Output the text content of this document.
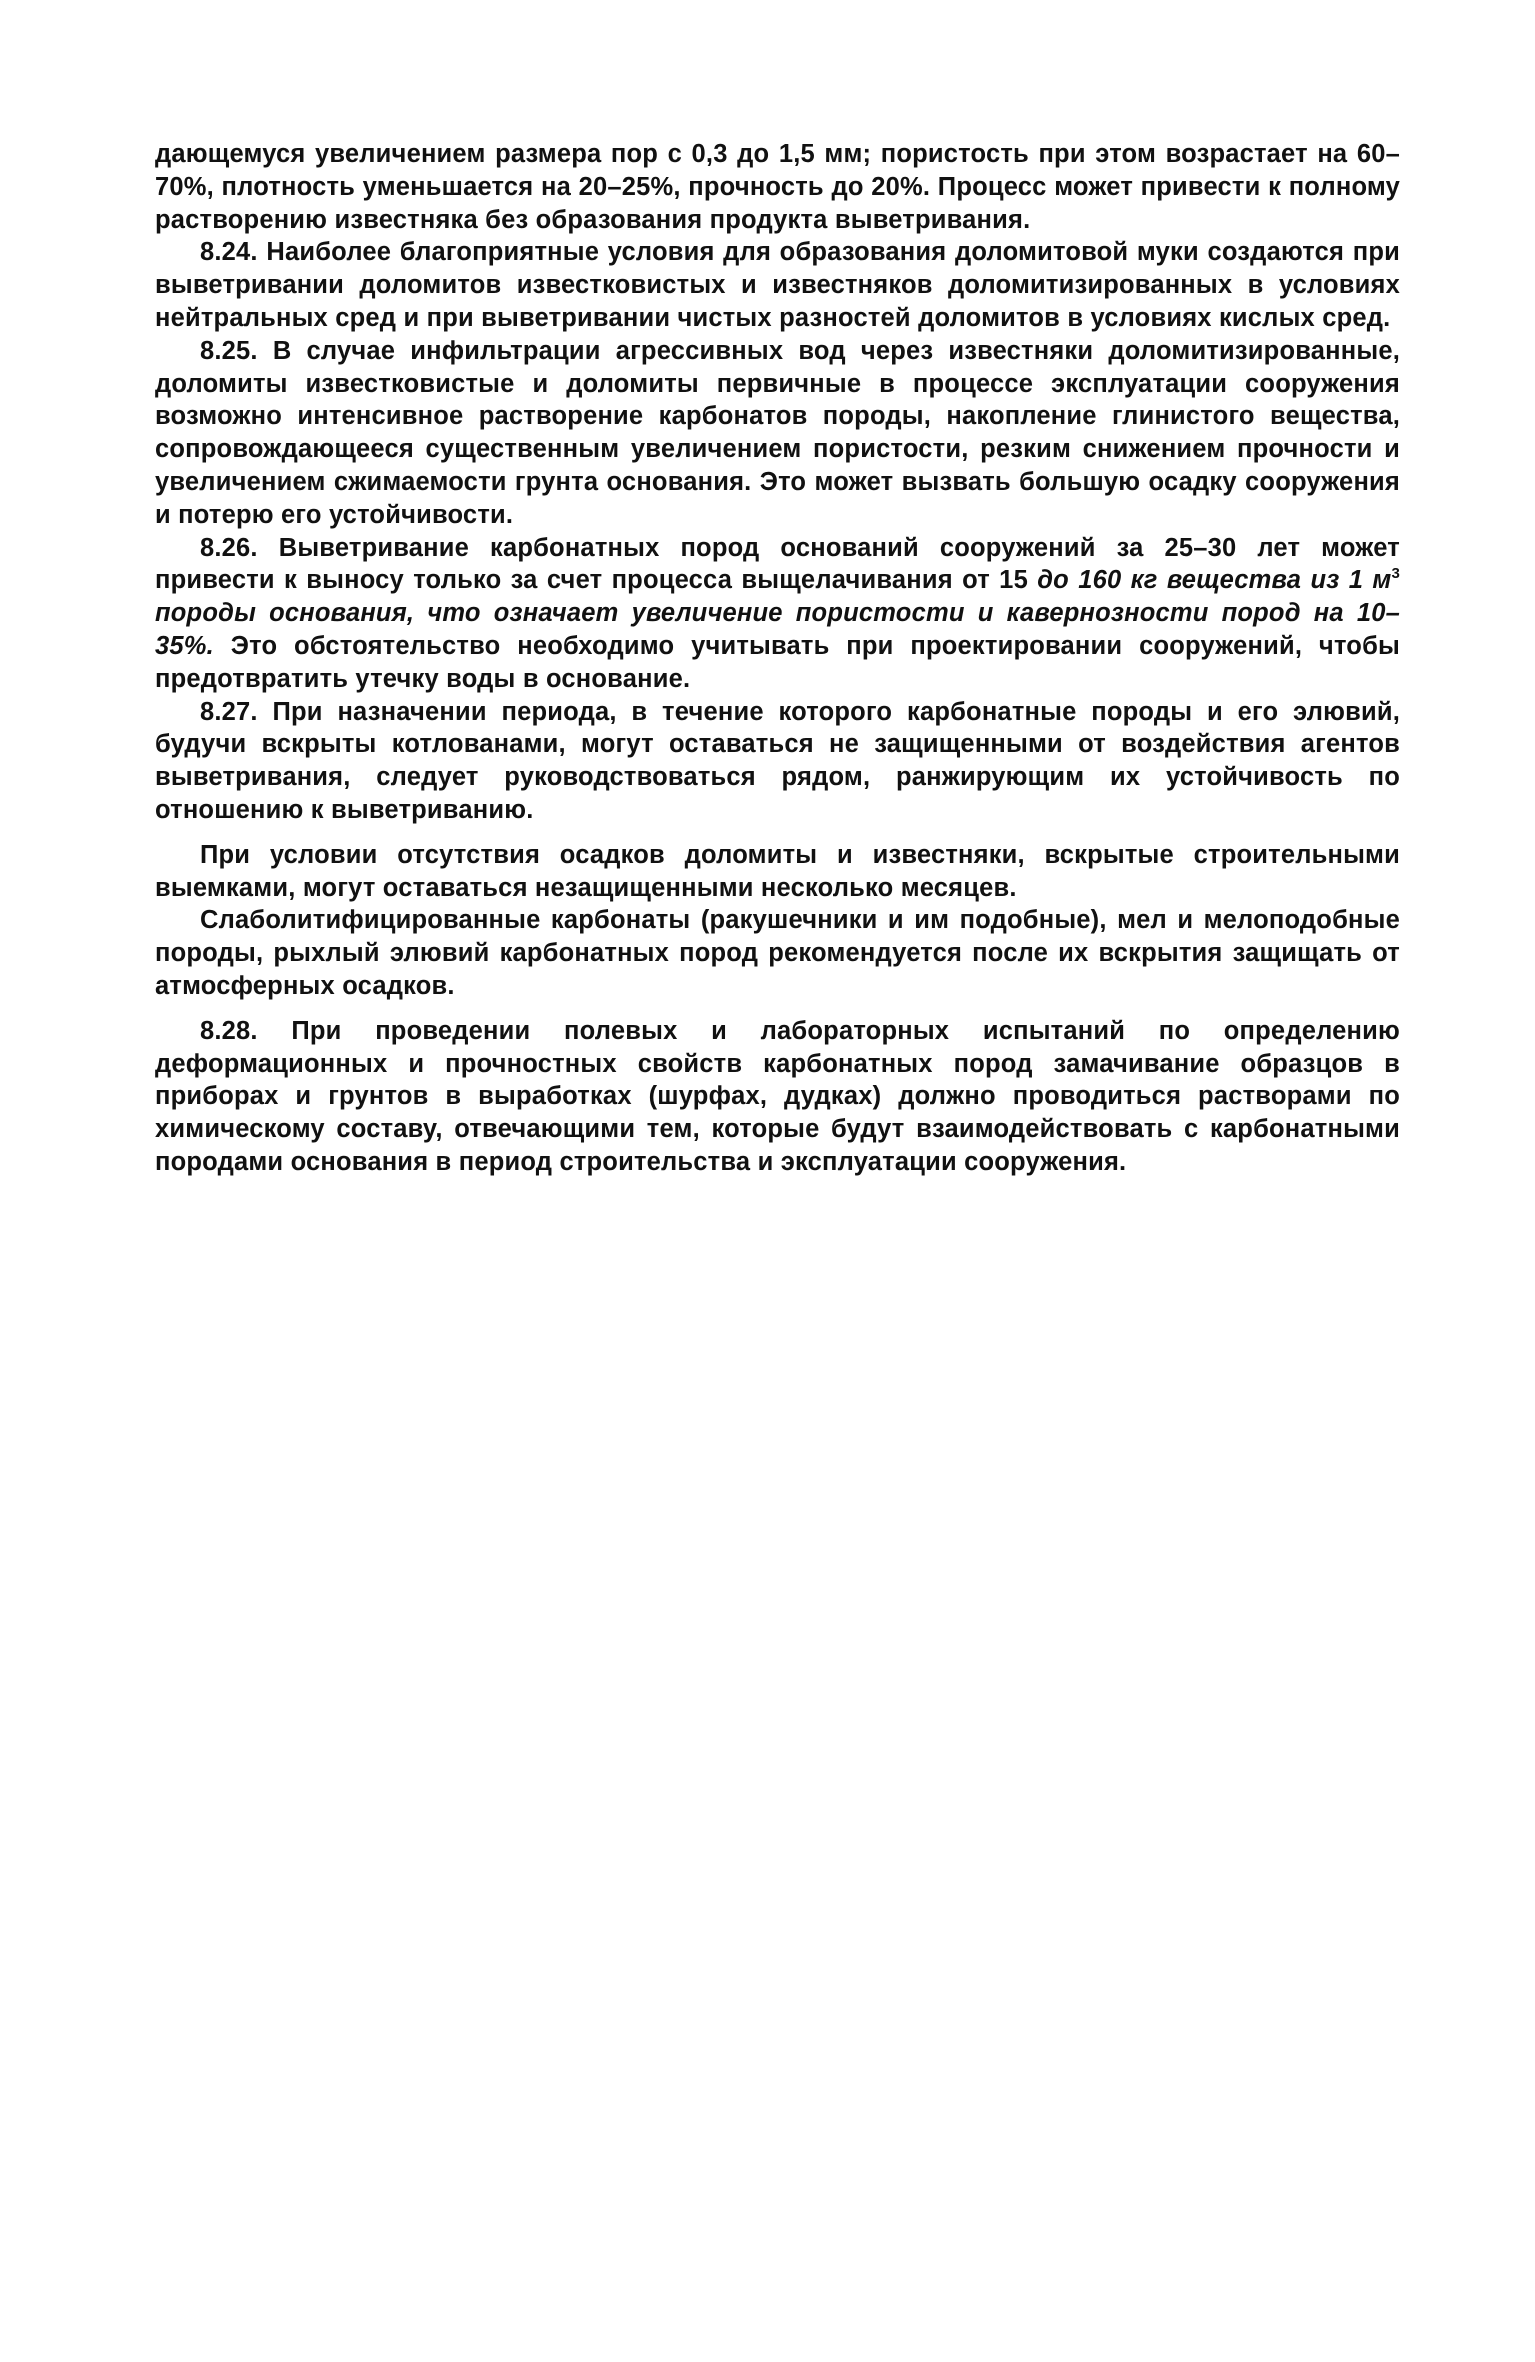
дающемуся увеличением размера пор с 0,3 до 1,5 мм; пористость при этом возрастает на 60–70%, плотность уменьшается на 20–25%, прочность до 20%. Процесс может привести к полному растворению известняка без образования продукта выветривания.

8.24. Наиболее благоприятные условия для образования доломитовой муки создаются при выветривании доломитов известковистых и известняков доломитизированных в условиях нейтральных сред и при выветривании чистых разностей доломитов в условиях кислых сред.

8.25. В случае инфильтрации агрессивных вод через известняки доломитизированные, доломиты известковистые и доломиты первичные в процессе эксплуатации сооружения возможно интенсивное растворение карбонатов породы, накопление глинистого вещества, сопровождающееся существенным увеличением пористости, резким снижением прочности и увеличением сжимаемости грунта основания. Это может вызвать большую осадку сооружения и потерю его устойчивости.

8.26. Выветривание карбонатных пород оснований сооружений за 25–30 лет может привести к выносу только за счет процесса выщелачивания от 15 до 160 кг вещества из 1 $м^3$ породы основания, что означает увеличение пористости и кавернозности пород на 10–35%. Это обстоятельство необходимо учитывать при проектировании сооружений, чтобы предотвратить утечку воды в основание.

8.27. При назначении периода, в течение которого карбонатные породы и его элювий, будучи вскрыты котлованами, могут оставаться не защищенными от воздействия агентов выветривания, следует руководствоваться рядом, ранжирующим их устойчивость по отношению к выветриванию.

При условии отсутствия осадков доломиты и известняки, вскрытые строительными выемками, могут оставаться незащищенными несколько месяцев.

Слаболитифицированные карбонаты (ракушечники и им подобные), мел и мелоподобные породы, рыхлый элювий карбонатных пород рекомендуется после их вскрытия защищать от атмосферных осадков.

8.28. При проведении полевых и лабораторных испытаний по определению деформационных и прочностных свойств карбонатных пород замачивание образцов в приборах и грунтов в выработках (шурфах, дудках) должно проводиться растворами по химическому составу, отвечающими тем, которые будут взаимодействовать с карбонатными породами основания в период строительства и эксплуатации сооружения.
